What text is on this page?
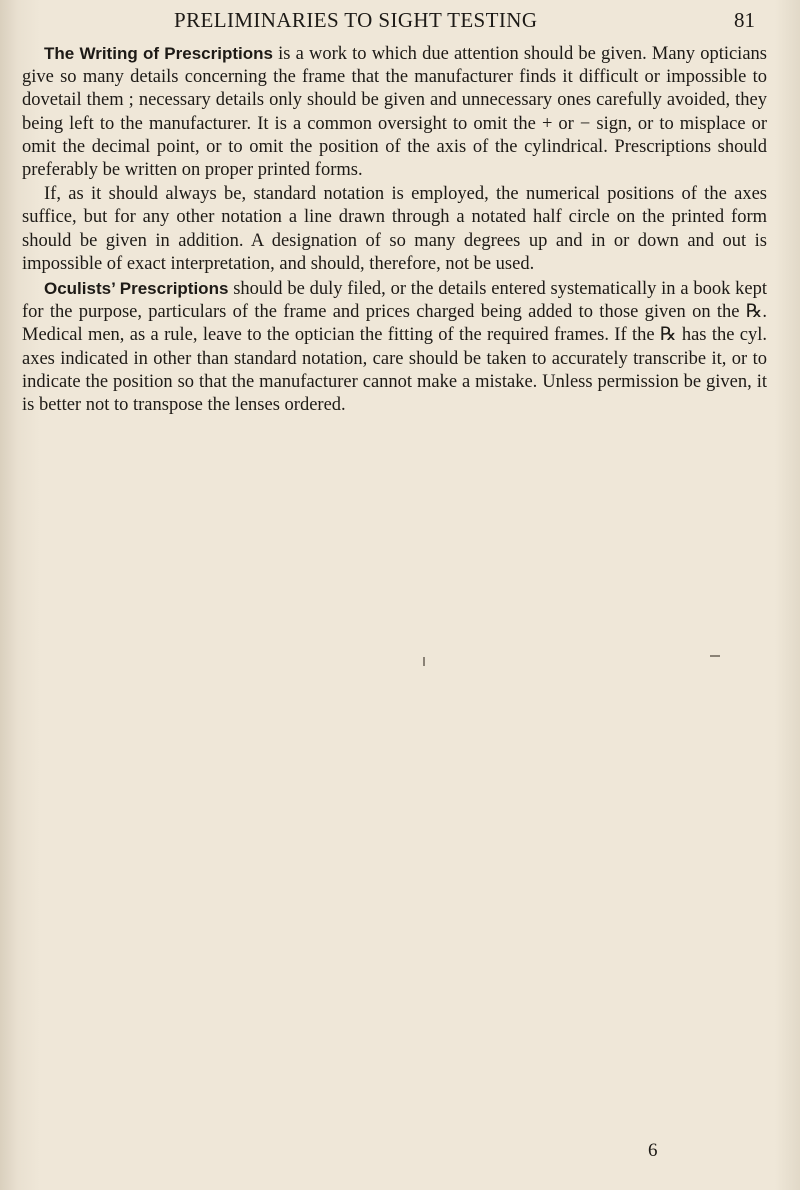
PRELIMINARIES TO SIGHT TESTING	81

The Writing of Prescriptions is a work to which due attention should be given. Many opticians give so many details concerning the frame that the manufacturer finds it difficult or impossible to dovetail them ; necessary details only should be given and unnecessary ones carefully avoided, they being left to the manufacturer. It is a common oversight to omit the + or − sign, or to misplace or omit the decimal point, or to omit the position of the axis of the cylindrical. Prescriptions should preferably be written on proper printed forms.

If, as it should always be, standard notation is employed, the numerical positions of the axes suffice, but for any other notation a line drawn through a notated half circle on the printed form should be given in addition. A designation of so many degrees up and in or down and out is impossible of exact interpretation, and should, therefore, not be used.

Oculists’ Prescriptions should be duly filed, or the details entered systematically in a book kept for the purpose, particulars of the frame and prices charged being added to those given on the ℞. Medical men, as a rule, leave to the optician the fitting of the required frames. If the ℞ has the cyl. axes indicated in other than standard notation, care should be taken to accurately transcribe it, or to indicate the position so that the manufacturer cannot make a mistake. Unless permission be given, it is better not to transpose the lenses ordered.

6
